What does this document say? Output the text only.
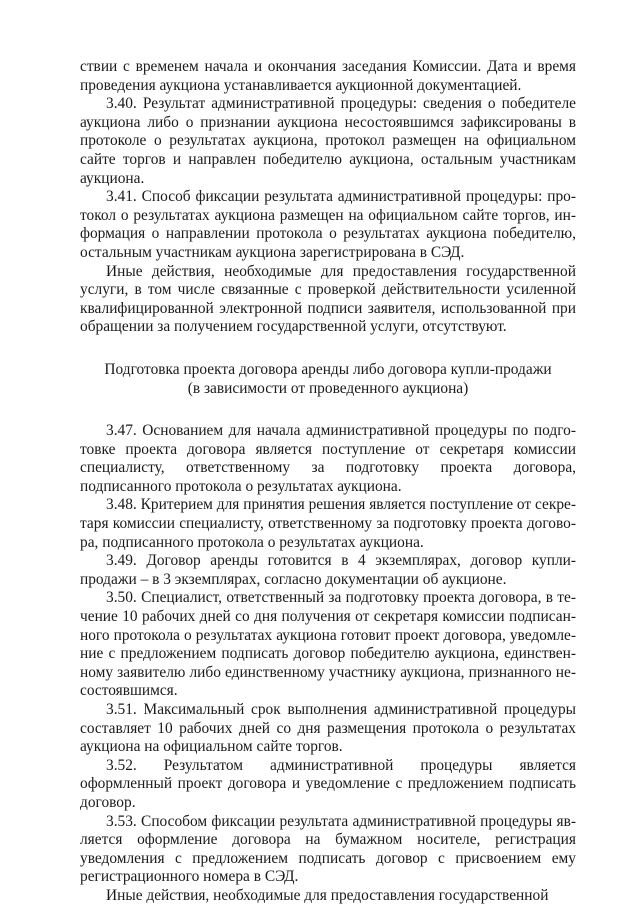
ствии с временем начала и окончания заседания Комиссии. Дата и время проведения аукциона устанавливается аукционной документацией.

3.40. Результат административной процедуры: сведения о победителе аукциона либо о признании аукциона несостоявшимся зафиксированы в протоколе о результатах аукциона, протокол размещен на официальном сайте торгов и направлен победителю аукциона, остальным участникам аукциона.

3.41. Способ фиксации результата административной процедуры: протокол о результатах аукциона размещен на официальном сайте торгов, информация о направлении протокола о результатах аукциона победителю, остальным участникам аукциона зарегистрирована в СЭД.

Иные действия, необходимые для предоставления государственной услуги, в том числе связанные с проверкой действительности усиленной квалифицированной электронной подписи заявителя, использованной при обращении за получением государственной услуги, отсутствуют.

Подготовка проекта договора аренды либо договора купли-продажи
(в зависимости от проведенного аукциона)

3.47. Основанием для начала административной процедуры по подготовке проекта договора является поступление от секретаря комиссии специалисту, ответственному за подготовку проекта договора, подписанного протокола о результатах аукциона.

3.48. Критерием для принятия решения является поступление от секретаря комиссии специалисту, ответственному за подготовку проекта договора, подписанного протокола о результатах аукциона.

3.49. Договор аренды готовится в 4 экземплярах, договор купли-продажи – в 3 экземплярах, согласно документации об аукционе.

3.50. Специалист, ответственный за подготовку проекта договора, в течение 10 рабочих дней со дня получения от секретаря комиссии подписанного протокола о результатах аукциона готовит проект договора, уведомление с предложением подписать договор победителю аукциона, единственному заявителю либо единственному участнику аукциона, признанного несостоявшимся.

3.51. Максимальный срок выполнения административной процедуры составляет 10 рабочих дней со дня размещения протокола о результатах аукциона на официальном сайте торгов.

3.52. Результатом административной процедуры является оформленный проект договора и уведомление с предложением подписать договор.

3.53. Способом фиксации результата административной процедуры является оформление договора на бумажном носителе, регистрация уведомления с предложением подписать договор с присвоением ему регистрационного номера в СЭД.

Иные действия, необходимые для предоставления государственной
